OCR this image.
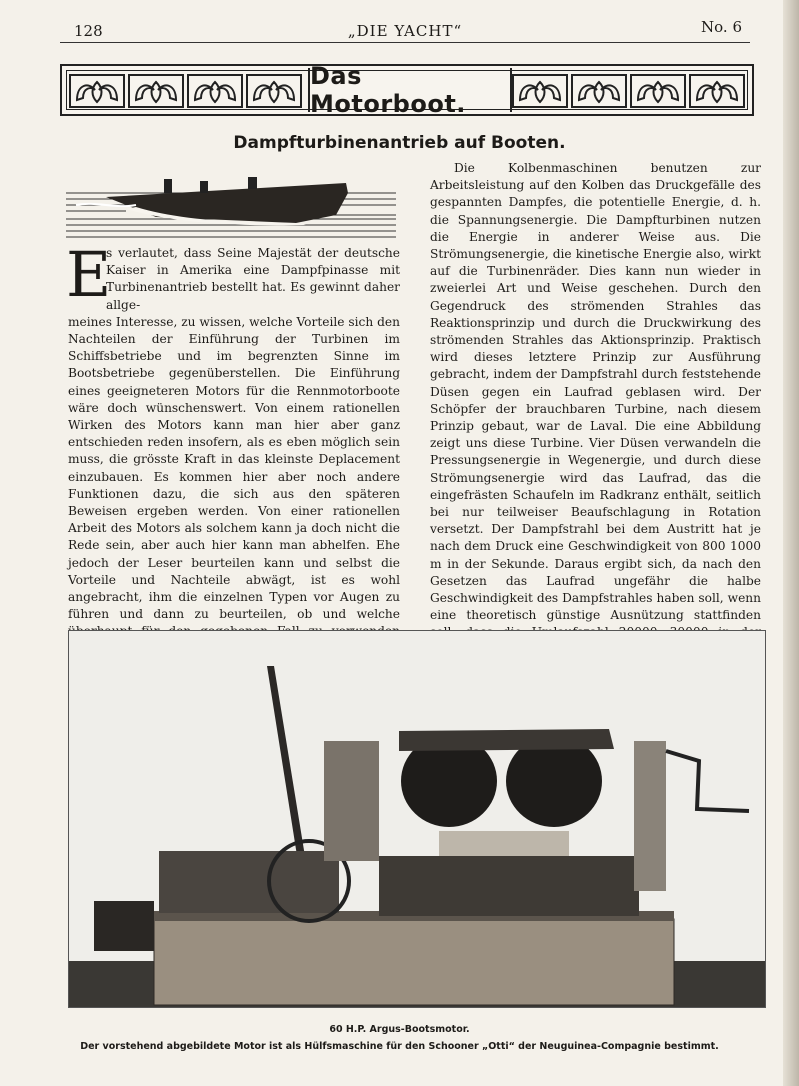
128	„DIE YACHT“	No. 6
Das Motorboot.
Dampfturbinenantrieb auf Booten.
E

s verlautet, dass Seine Majestät der deutsche Kaiser in Amerika eine Dampfpinasse mit Turbinenantrieb bestellt hat. Es gewinnt daher allge-

meines Interesse, zu wissen, welche Vorteile sich den Nachteilen der Einführung der Turbinen im Schiffsbetriebe und im begrenzten Sinne im Bootsbetriebe gegenüberstellen. Die Einführung eines geeigneteren Motors für die Rennmotorboote wäre doch wünschenswert. Von einem rationellen Wirken des Motors kann man hier aber ganz entschieden reden insofern, als es eben möglich sein muss, die grösste Kraft in das kleinste Deplacement einzubauen. Es kommen hier aber noch andere Funktionen dazu, die sich aus den späteren Beweisen ergeben werden. Von einer rationellen Arbeit des Motors als solchem kann ja doch nicht die Rede sein, aber auch hier kann man abhelfen. Ehe jedoch der Leser beurteilen kann und selbst die Vorteile und Nachteile abwägt, ist es wohl angebracht, ihm die einzelnen Typen vor Augen zu führen und dann zu beurteilen, ob und welche

Die Kolbenmaschinen benutzen zur Arbeitsleistung auf den Kolben das Druckgefälle des gespannten Dampfes, die potentielle Energie, d. h. die Spannungsenergie. Die Dampfturbinen nutzen die Energie in anderer Weise aus. Die Strömungsenergie, die kinetische Energie also, wirkt auf die Turbinenräder. Dies kann nun wieder in zweierlei Art und Weise geschehen. Durch den Gegendruck des strömenden Strahles das Reaktionsprinzip und durch die Druckwirkung des strömenden Strahles das Aktionsprinzip. Praktisch wird dieses letztere Prinzip zur Ausführung gebracht, indem der Dampfstrahl durch feststehende Düsen gegen ein Laufrad geblasen wird. Der Schöpfer der brauchbaren Turbine, nach diesem Prinzip gebaut, war de Laval. Die eine Abbildung zeigt uns diese Turbine. Vier Düsen verwandeln die Pressungsenergie in Wegenergie, und durch diese Strömungsenergie wird das Laufrad, das die eingefrästen Schaufeln im Radkranz enthält, seitlich bei nur teilweiser Beaufschlagung in Rotation versetzt. Der Dampfstrahl bei dem Austritt hat je nach dem Druck eine Geschwindigkeit von 800 1000 m in der Sekunde. Daraus ergibt sich, da nach den Gesetzen das Laufrad ungefähr die halbe Geschwindigkeit des Dampfstrahles haben soll, wenn eine theoretisch günstige Ausnützung stattfinden

60 H.P. Argus-Bootsmotor.
Der vorstehend abgebildete Motor ist als Hülfsmaschine für den Schooner „Otti“ der Neuguinea-Compagnie bestimmt.
